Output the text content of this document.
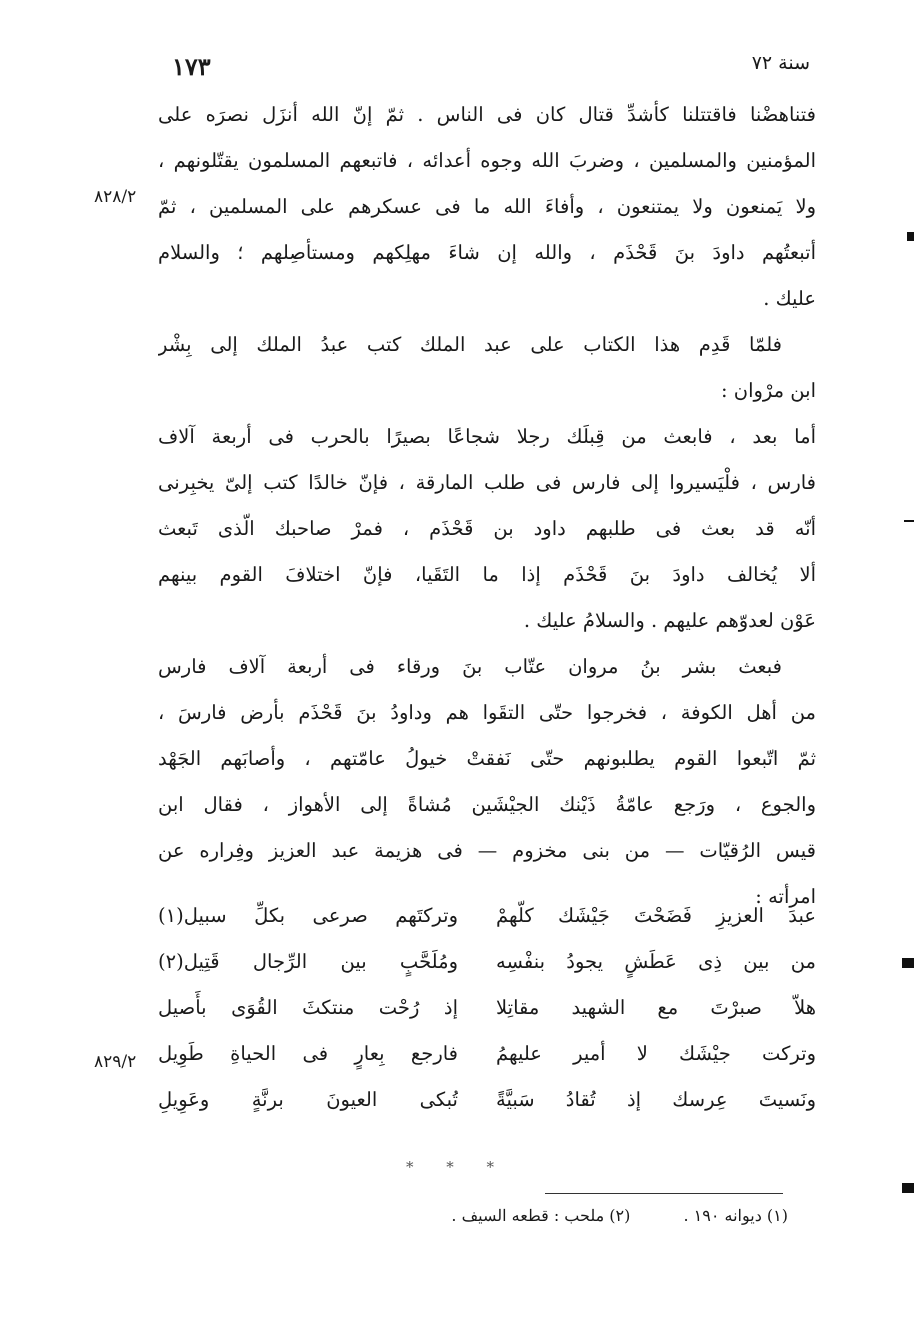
١٧٣	سنة ٧٢
فتناهضْنا فاقتتلنا كأشدِّ قتال كان فى الناس . ثمّ إنّ الله أنزَل نصرَه على
المؤمنين والمسلمين ، وضربَ الله وجوه أعدائه ، فاتبعهم المسلمون يقتّلونهم ،
ولا يَمنعون ولا يمتنعون ، وأفاءَ الله ما فى عسكرهم على المسلمين ، ثمّ
أتبعتُهم داودَ بنَ قَحْذَم ، والله إن شاءَ مهلِكهم ومستأصِلهم ؛ والسلام
عليك .
فلمّا قَدِم هذا الكتاب على عبد الملك كتب عبدُ الملك إلى بِشْر
ابن مرْوان :
أما بعد ، فابعث من قِبلَك رجلا شجاعًا بصيرًا بالحرب فى أربعة آلاف
فارس ، فلْيَسيروا إلى فارس فى طلب المارقة ، فإنّ خالدًا كتب إلىّ يخبِرنى
أنّه قد بعث فى طلبهم داود بن قَحْذَم ، فمرْ صاحبك الّذى تَبعث
ألا يُخالف داودَ بنَ قَحْذَم إذا ما التَقَيا، فإنّ اختلافَ القوم بينهم
عَوْن لعدوّهم عليهم . والسلامُ عليك .
فبعث بشر بنُ مروان عتّاب بنَ ورقاء فى أربعة آلاف فارس
من أهل الكوفة ، فخرجوا حتّى التقَوا هم وداودُ بنَ قَحْذَم بأرض فارسَ ،
ثمّ اتّبعوا القوم يطلبونهم حتّى نَفقتْ خيولُ عامّتهم ، وأصابَهم الجَهْد
والجوع ، ورَجع عامّةُ ذَيْنك الجيْشَين مُشاةً إلى الأهواز ، فقال ابن
قيس الرُقيّات — من بنى مخزوم — فى هزيمة عبد العزيز وفِراره عن
امرأته :
٨٢٨/٢
٨٢٩/٢
عبدَ العزيزِ فَضَحْتَ جَيْشَك كلّهمْ
وتركتَهم صرعى بكلِّ سبيل(١)
من بين ذِى عَطَشٍ يجودُ بنفْسِه
ومُلَحَّبٍ بين الرِّجال قَتِيل(٢)
هلاّ صبرْتَ مع الشهيد مقاتِلا
إذ رُحْت منتكثَ القُوَى بأَصيل
وتركت جيْشَك لا أمير عليهمُ
فارجع بِعارٍ فى الحياةِ طَوِيل
ونَسيتَ عِرسك إذ تُقادُ سَبيَّةً
تُبكى العيونَ برنَّةٍ وعَوِيلِ
* * *
(١) ديوانه ١٩٠ . (٢) ملحب : قطعه السيف .
